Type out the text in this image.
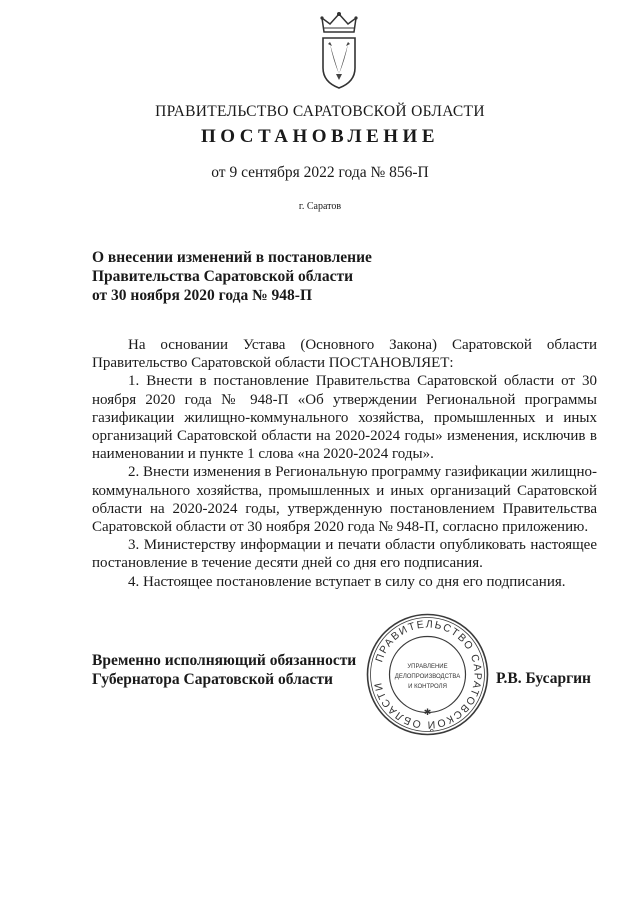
ПРАВИТЕЛЬСТВО САРАТОВСКОЙ ОБЛАСТИ
ПОСТАНОВЛЕНИЕ
от 9 сентября 2022 года № 856-П
г. Саратов
О внесении изменений в постановление
Правительства Саратовской области
от 30 ноября 2020 года № 948-П

На основании Устава (Основного Закона) Саратовской области Правительство Саратовской области ПОСТАНОВЛЯЕТ:

1. Внести в постановление Правительства Саратовской области от 30 ноября 2020 года № 948-П «Об утверждении Региональной программы газификации жилищно-коммунального хозяйства, промышленных и иных организаций Саратовской области на 2020-2024 годы» изменения, исключив в наименовании и пункте 1 слова «на 2020-2024 годы».

2. Внести изменения в Региональную программу газификации жилищно-коммунального хозяйства, промышленных и иных организаций Саратовской области на 2020-2024 годы, утвержденную постановлением Правительства Саратовской области от 30 ноября 2020 года № 948-П, согласно приложению.

3. Министерству информации и печати области опубликовать настоящее постановление в течение десяти дней со дня его подписания.

4. Настоящее постановление вступает в силу со дня его подписания.

Временно исполняющий обязанности
Губернатора Саратовской области
ПРАВИТЕЛЬСТВО САРАТОВСКОЙ ОБЛАСТИ
✱
УПРАВЛЕНИЕ
ДЕЛОПРОИЗВОДСТВА
И КОНТРОЛЯ	Р.В. Бусаргин
